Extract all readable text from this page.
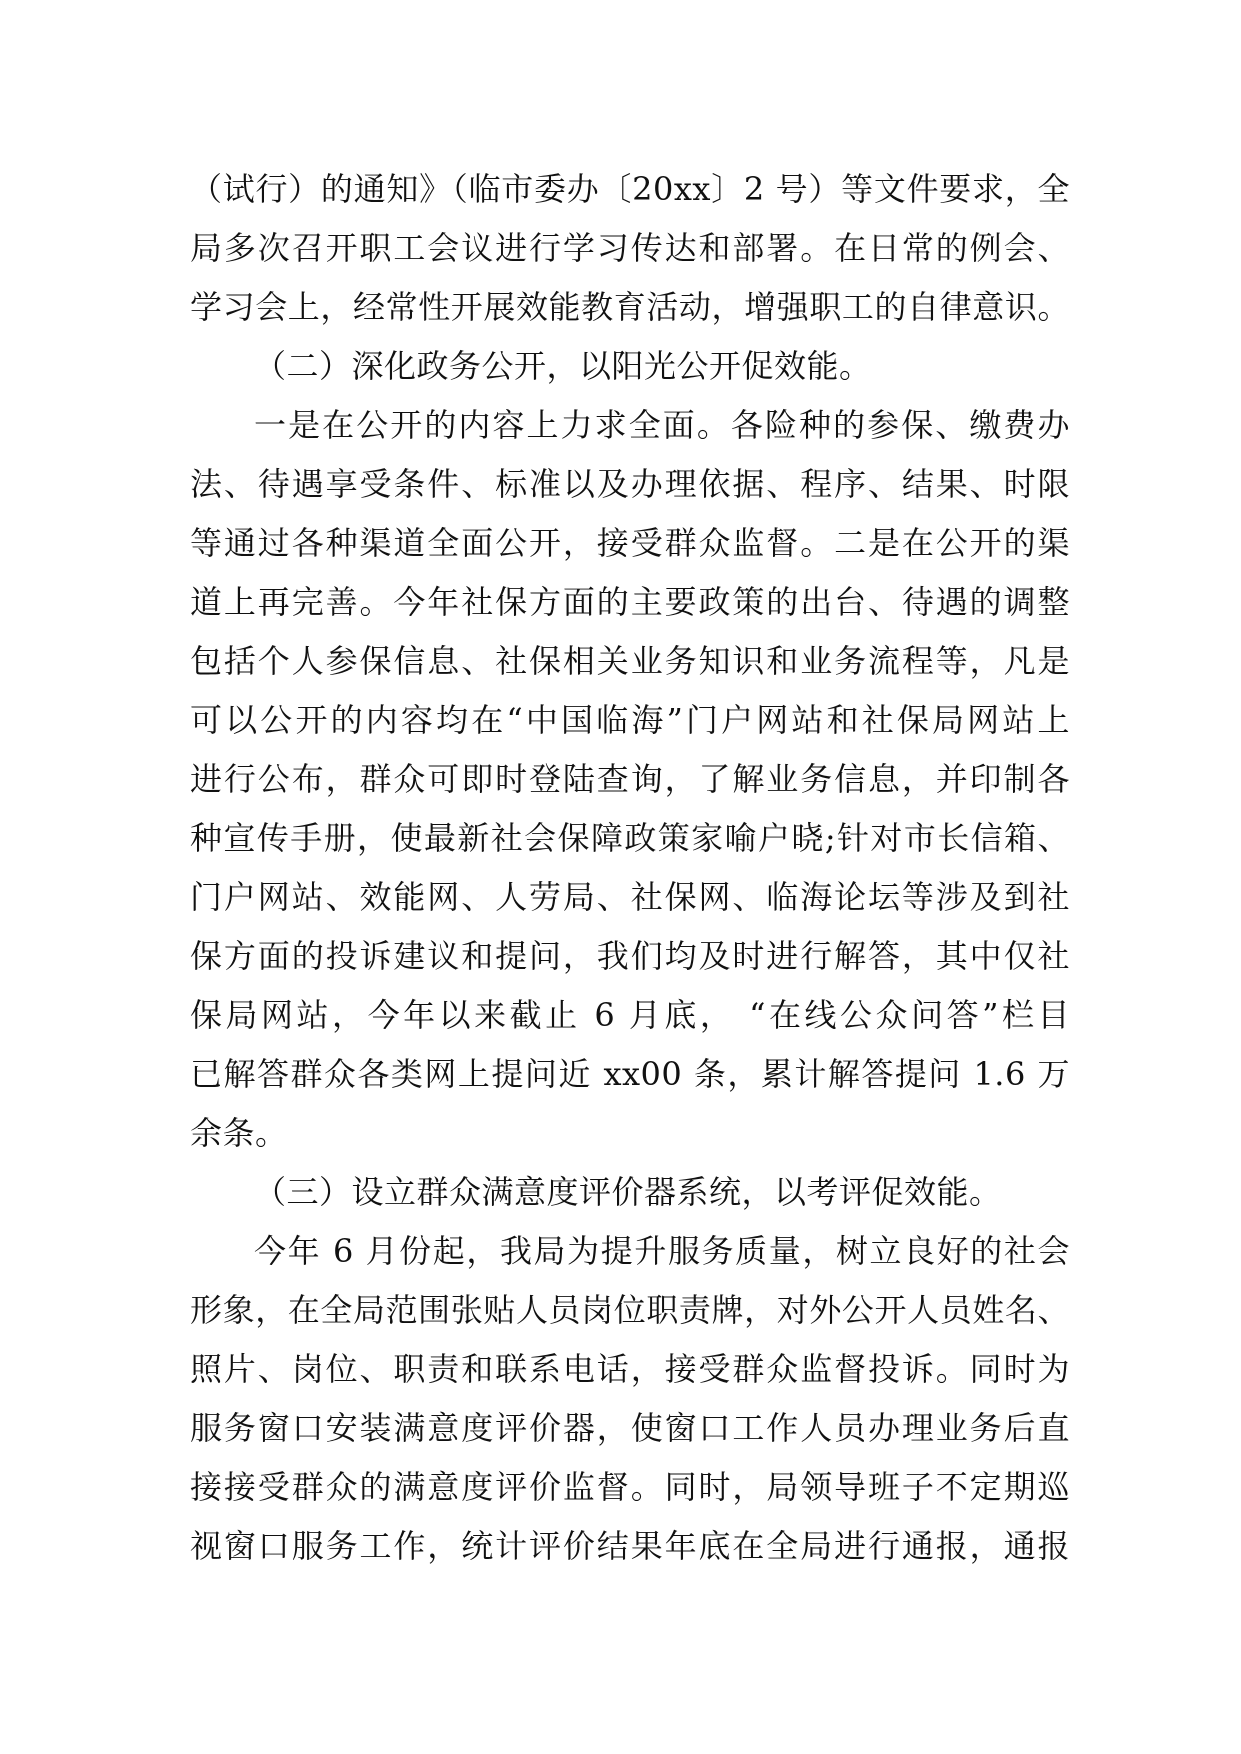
（试行）的通知》（临市委办〔20xx〕2 号）等文件要求，全
局多次召开职工会议进行学习传达和部署。在日常的例会、
学习会上，经常性开展效能教育活动，增强职工的自律意识。
（二）深化政务公开，以阳光公开促效能。
一是在公开的内容上力求全面。各险种的参保、缴费办
法、待遇享受条件、标准以及办理依据、程序、结果、时限
等通过各种渠道全面公开，接受群众监督。二是在公开的渠
道上再完善。今年社保方面的主要政策的出台、待遇的调整
包括个人参保信息、社保相关业务知识和业务流程等，凡是
可以公开的内容均在“中国临海”门户网站和社保局网站上
进行公布，群众可即时登陆查询，了解业务信息，并印制各
种宣传手册，使最新社会保障政策家喻户晓;针对市长信箱、
门户网站、效能网、人劳局、社保网、临海论坛等涉及到社
保方面的投诉建议和提问，我们均及时进行解答，其中仅社
保局网站，今年以来截止 6 月底， “在线公众问答”栏目
已解答群众各类网上提问近 xx00 条，累计解答提问 1.6 万
余条。
（三）设立群众满意度评价器系统，以考评促效能。
今年 6 月份起，我局为提升服务质量，树立良好的社会
形象，在全局范围张贴人员岗位职责牌，对外公开人员姓名、
照片、岗位、职责和联系电话，接受群众监督投诉。同时为
服务窗口安装满意度评价器，使窗口工作人员办理业务后直
接接受群众的满意度评价监督。同时，局领导班子不定期巡
视窗口服务工作，统计评价结果年底在全局进行通报，通报
